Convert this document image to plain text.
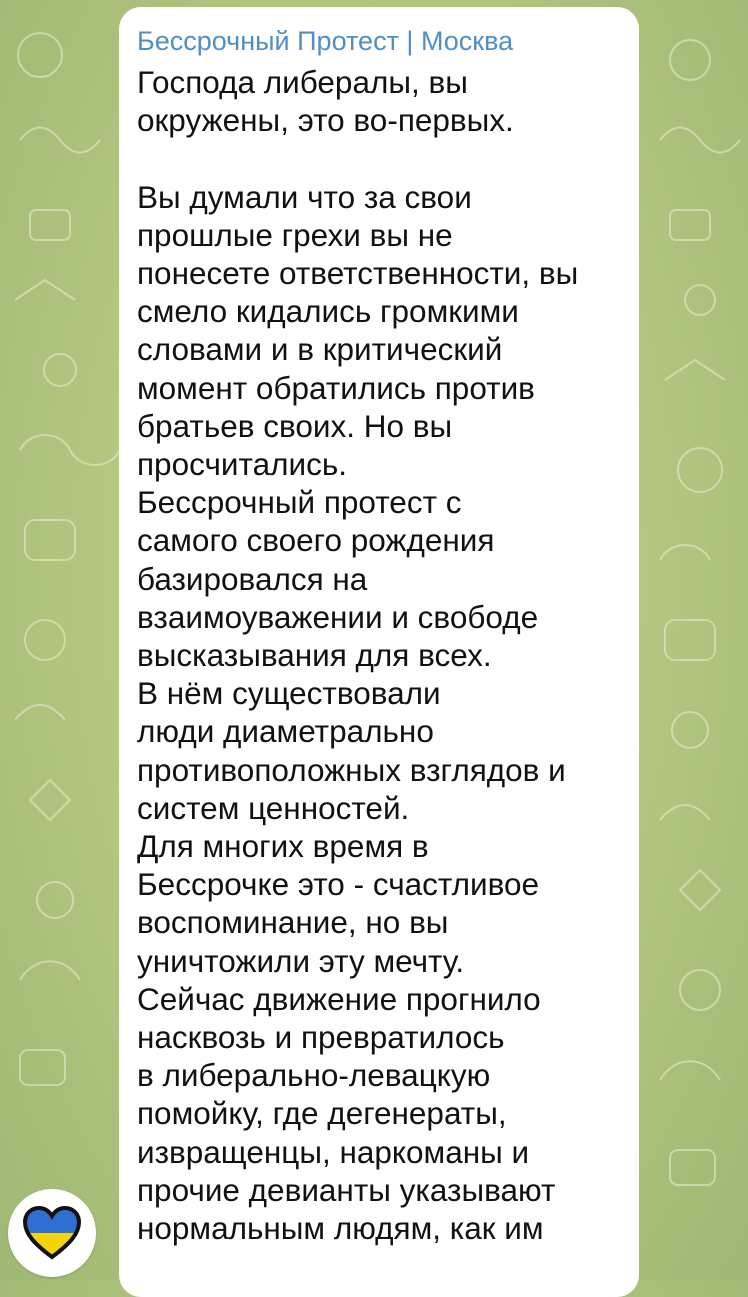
Бессрочный Протест | Москва

Господа либералы, вы
окружены, это во-первых.

Вы думали что за свои
прошлые грехи вы не
понесете ответственности, вы
смело кидались громкими
словами и в критический
момент обратились против
братьев своих. Но вы
просчитались.
Бессрочный протест с
самого своего рождения
базировался на
взаимоуважении и свободе
высказывания для всех.
В нём существовали
люди диаметрально
противоположных взглядов и
систем ценностей.
Для многих время в
Бессрочке это - счастливое
воспоминание, но вы
уничтожили эту мечту.
Сейчас движение прогнило
насквозь и превратилось
в либерально-левацкую
помойку, где дегенераты,
извращенцы, наркоманы и
прочие девианты указывают
нормальным людям, как им
